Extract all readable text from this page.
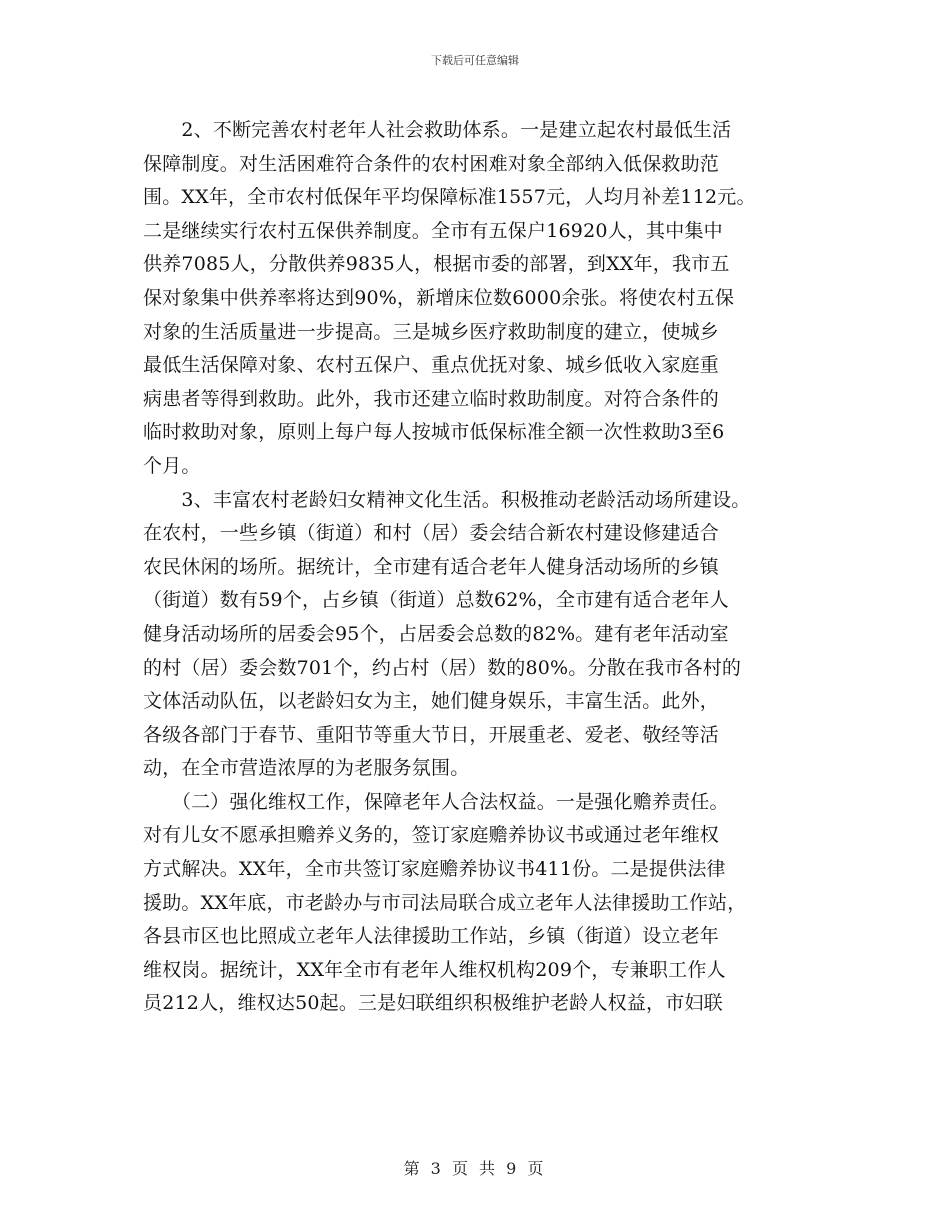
下载后可任意编辑
　　2、不断完善农村老年人社会救助体系。一是建立起农村最低生活
保障制度。对生活困难符合条件的农村困难对象全部纳入低保救助范
围。XX年，全市农村低保年平均保障标准1557元，人均月补差112元。
二是继续实行农村五保供养制度。全市有五保户16920人，其中集中
供养7085人，分散供养9835人，根据市委的部署，到XX年，我市五
保对象集中供养率将达到90%，新增床位数6000余张。将使农村五保
对象的生活质量进一步提高。三是城乡医疗救助制度的建立，使城乡
最低生活保障对象、农村五保户、重点优抚对象、城乡低收入家庭重
病患者等得到救助。此外，我市还建立临时救助制度。对符合条件的
临时救助对象，原则上每户每人按城市低保标准全额一次性救助3至6
个月。
　　3、丰富农村老龄妇女精神文化生活。积极推动老龄活动场所建设。
在农村，一些乡镇（街道）和村（居）委会结合新农村建设修建适合
农民休闲的场所。据统计，全市建有适合老年人健身活动场所的乡镇
（街道）数有59个，占乡镇（街道）总数62%，全市建有适合老年人
健身活动场所的居委会95个，占居委会总数的82%。建有老年活动室
的村（居）委会数701个，约占村（居）数的80%。分散在我市各村的
文体活动队伍，以老龄妇女为主，她们健身娱乐，丰富生活。此外，
各级各部门于春节、重阳节等重大节日，开展重老、爱老、敬经等活
动，在全市营造浓厚的为老服务氛围。
　　（二）强化维权工作，保障老年人合法权益。一是强化赡养责任。
对有儿女不愿承担赡养义务的，签订家庭赡养协议书或通过老年维权
方式解决。XX年，全市共签订家庭赡养协议书411份。二是提供法律
援助。XX年底，市老龄办与市司法局联合成立老年人法律援助工作站，
各县市区也比照成立老年人法律援助工作站，乡镇（街道）设立老年
维权岗。据统计，XX年全市有老年人维权机构209个，专兼职工作人
员212人，维权达50起。三是妇联组织积极维护老龄人权益，市妇联
第 3 页 共 9 页
